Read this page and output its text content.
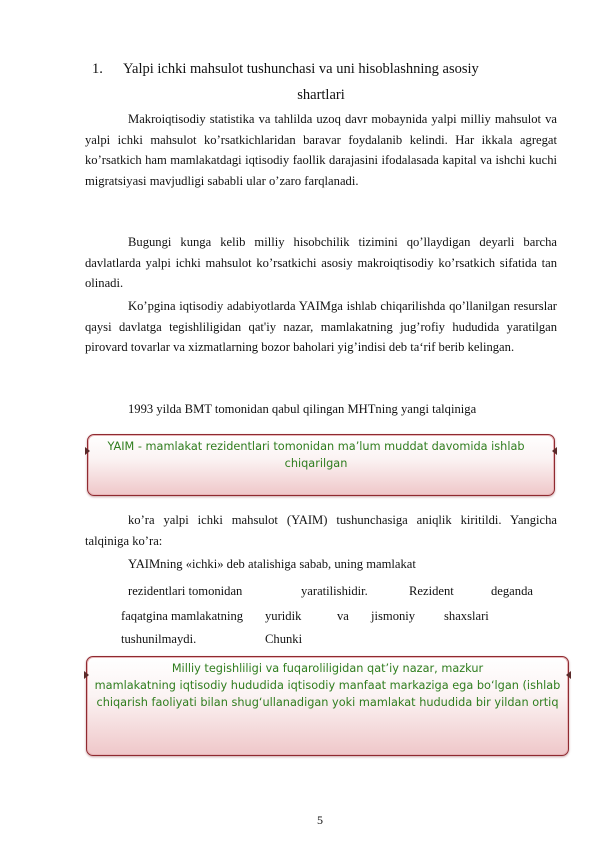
1.	Yalpi ichki mahsulot tushunchasi va uni hisoblashning asosiy
shartlari

Makroiqtisodiy statistika va tahlilda uzoq davr mobaynida yalpi milliy mahsulot va yalpi ichki mahsulot ko’rsatkichlaridan baravar foydalanib kelindi. Har ikkala agregat ko’rsatkich ham mamlakatdagi iqtisodiy faollik darajasini ifodalasada kapital va ishchi kuchi migratsiyasi mavjudligi sababli ular o’zaro farqlanadi.

Bugungi kunga kelib milliy hisobchilik tizimini qo’llaydigan deyarli barcha davlatlarda yalpi ichki mahsulot ko’rsatkichi asosiy makroiqtisodiy ko’rsatkich sifatida tan olinadi.

Ko’pgina iqtisodiy adabiyotlarda YAIMga ishlab chiqarilishda qo’llanilgan resurslar qaysi davlatga tegishliligidan qat'iy nazar, mamlakatning jug’rofiy hududida yaratilgan pirovard tovarlar va xizmatlarning bozor baholari yig’indisi deb ta‘rif berib kelingan.

1993 yilda BMT tomonidan qabul qilingan MHTning yangi talqiniga

YAIM - mamlakat rezidentlari tomonidan ma’lum muddat davomida ishlab chiqarilgan

ko’ra yalpi ichki mahsulot (YAIM) tushunchasiga aniqlik kiritildi. Yangicha talqiniga ko’ra:

YAIMning «ichki» deb atalishiga sabab, uning mamlakat
rezidentlari tomonidan	yaratilishidir.	Rezident	deganda
faqatgina mamlakatning yuridik	va jismoniy shaxslari
tushunilmaydi.	Chunki
Milliy tegishliligi va fuqaroliligidan qat’iy nazar, mazkur
mamlakatning iqtisodiy hududida iqtisodiy manfaat markaziga ega bo‘lgan (ishlab
chiqarish faoliyati bilan shug‘ullanadigan yoki mamlakat hududida bir yildan ortiq
5
